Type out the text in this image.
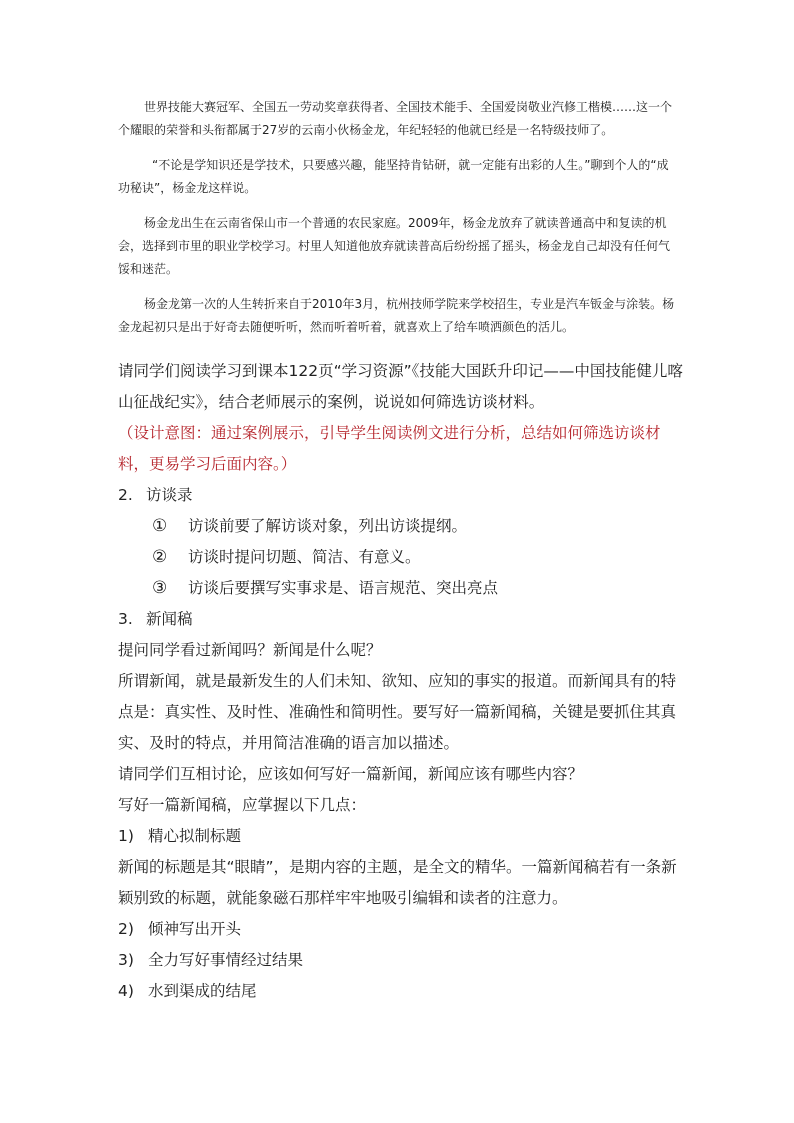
世界技能大赛冠军、全国五一劳动奖章获得者、全国技术能手、全国爱岗敬业汽修工楷模……这一个个耀眼的荣誉和头衔都属于27岁的云南小伙杨金龙，年纪轻轻的他就已经是一名特级技师了。

“不论是学知识还是学技术，只要感兴趣，能坚持肯钻研，就一定能有出彩的人生。”聊到个人的“成功秘诀”，杨金龙这样说。

杨金龙出生在云南省保山市一个普通的农民家庭。2009年，杨金龙放弃了就读普通高中和复读的机会，选择到市里的职业学校学习。村里人知道他放弃就读普高后纷纷摇了摇头，杨金龙自己却没有任何气馁和迷茫。

杨金龙第一次的人生转折来自于2010年3月，杭州技师学院来学校招生，专业是汽车钣金与涂装。杨金龙起初只是出于好奇去随便听听，然而听着听着，就喜欢上了给车喷洒颜色的活儿。

请同学们阅读学习到课本122页“学习资源”《技能大国跃升印记——中国技能健儿喀山征战纪实》，结合老师展示的案例，说说如何筛选访谈材料。

（设计意图：通过案例展示，引导学生阅读例文进行分析，总结如何筛选访谈材料，更易学习后面内容。）

2. 访谈录

① 访谈前要了解访谈对象，列出访谈提纲。

② 访谈时提问切题、简洁、有意义。

③ 访谈后要撰写实事求是、语言规范、突出亮点

3. 新闻稿

提问同学看过新闻吗？新闻是什么呢？

所谓新闻，就是最新发生的人们未知、欲知、应知的事实的报道。而新闻具有的特点是：真实性、及时性、准确性和简明性。要写好一篇新闻稿，关键是要抓住其真实、及时的特点，并用简洁准确的语言加以描述。

请同学们互相讨论，应该如何写好一篇新闻，新闻应该有哪些内容？

写好一篇新闻稿，应掌握以下几点：

1) 精心拟制标题

新闻的标题是其“眼睛”，是期内容的主题，是全文的精华。一篇新闻稿若有一条新颖别致的标题，就能象磁石那样牢牢地吸引编辑和读者的注意力。

2) 倾神写出开头

3) 全力写好事情经过结果

4) 水到渠成的结尾
